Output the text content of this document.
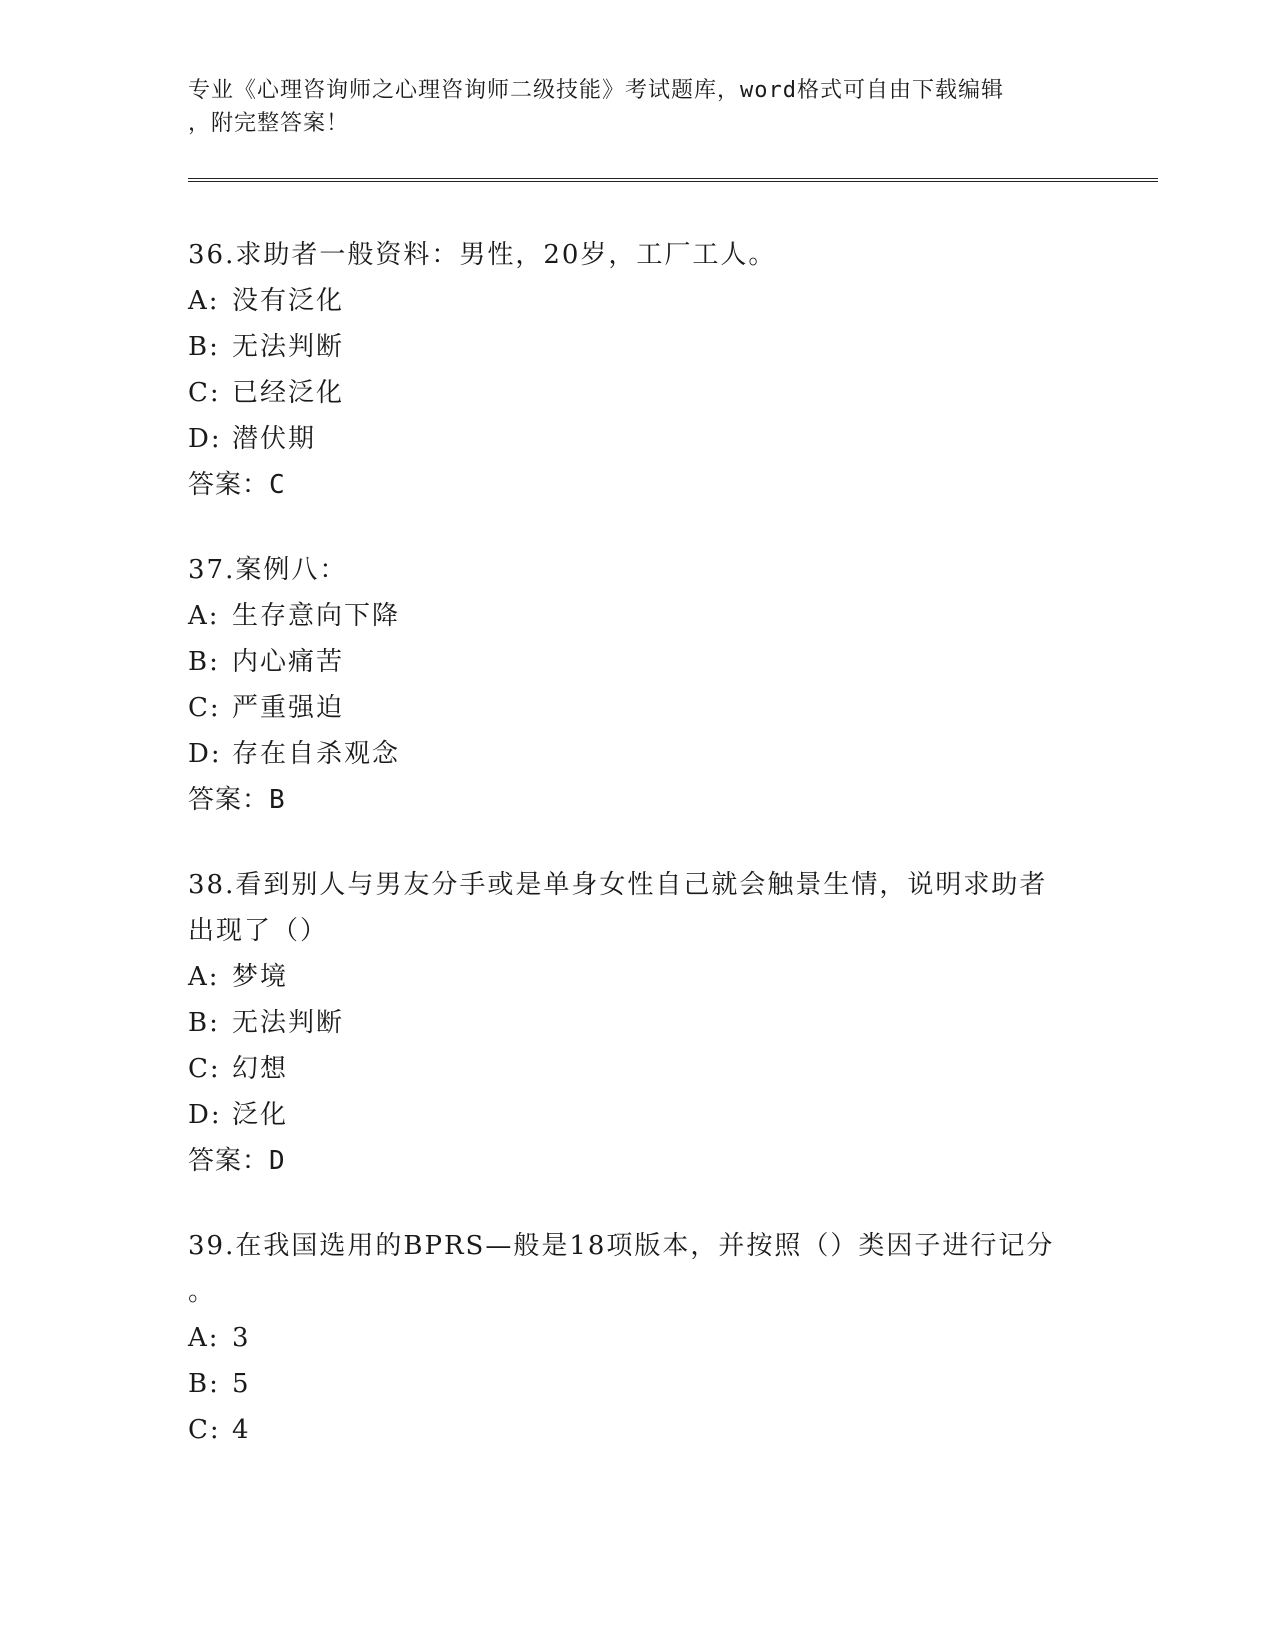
专业《心理咨询师之心理咨询师二级技能》考试题库，word格式可自由下载编辑
，附完整答案！
36.求助者一般资料：男性，20岁，工厂工人。
A: 没有泛化
B: 无法判断
C: 已经泛化
D: 潜伏期
答案：C
37.案例八：
A: 生存意向下降
B: 内心痛苦
C: 严重强迫
D: 存在自杀观念
答案：B
38.看到别人与男友分手或是单身女性自己就会触景生情，说明求助者
出现了（）
A: 梦境
B: 无法判断
C: 幻想
D: 泛化
答案：D
39.在我国选用的BPRS—般是18项版本，并按照（）类因子进行记分
。
A: 3
B: 5
C: 4
